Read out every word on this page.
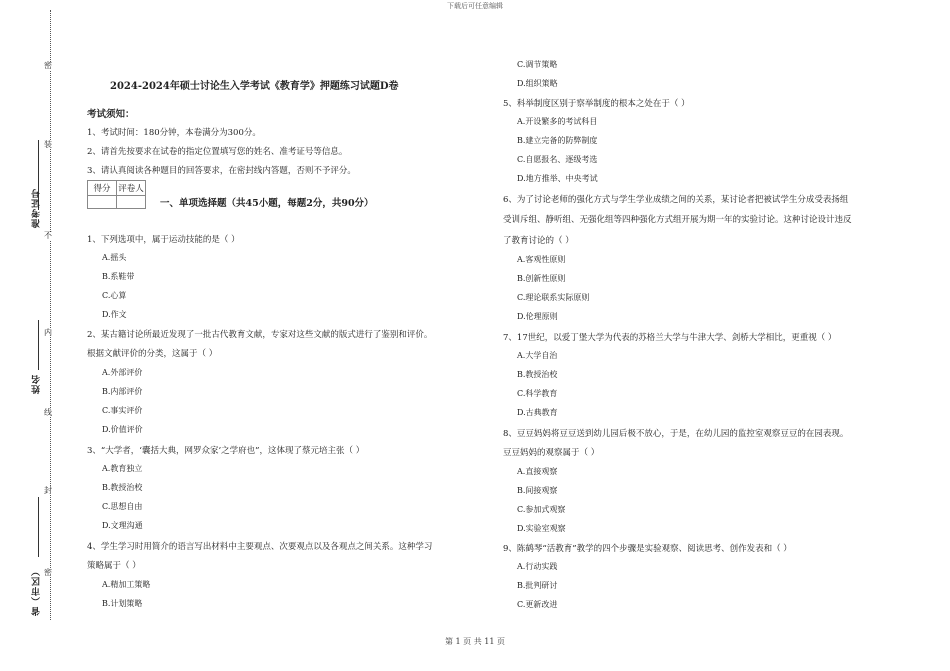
下载后可任意编辑
密
装
不
内
线
封
密
准考证号
姓名
省（市区）
2024-2024年硕士讨论生入学考试《教育学》押题练习试题D卷
考试须知：
1、考试时间：180分钟，本卷满分为300分。
2、请首先按要求在试卷的指定位置填写您的姓名、准考证号等信息。
3、请认真阅读各种题目的回答要求，在密封线内答题，否则不予评分。
得分	评卷人

一、单项选择题（共45小题，每题2分，共90分）
1、下列选项中，属于运动技能的是（ ）
A.摇头
B.系鞋带
C.心算
D.作文
2、某古籍讨论所最近发现了一批古代教育文献，专家对这些文献的版式进行了鉴别和评价。
根据文献评价的分类，这属于（ ）
A.外部评价
B.内部评价
C.事实评价
D.价值评价
3、“大学者，‘囊括大典，网罗众家’之学府也”，这体现了蔡元培主张（ ）
A.教育独立
B.教授治校
C.思想自由
D.文理沟通
4、学生学习时用简介的语言写出材料中主要观点、次要观点以及各观点之间关系。这种学习
策略属于（ ）
A.精加工策略
B.计划策略
C.调节策略
D.组织策略
5、科举制度区别于察举制度的根本之处在于（ ）
A.开设繁多的考试科目
B.建立完备的防弊制度
C.自愿报名、逐级考选
D.地方推举、中央考试
6、为了讨论老师的强化方式与学生学业成绩之间的关系，某讨论者把被试学生分成受表扬组
受训斥组、静听组、无强化组等四种强化方式组开展为期一年的实验讨论。这种讨论设计违反
了教育讨论的（ ）
A.客观性原则
B.创新性原则
C.理论联系实际原则
D.伦理原则
7、17世纪，以爱丁堡大学为代表的苏格兰大学与牛津大学、剑桥大学相比，更重视（ ）
A.大学自治
B.教授治校
C.科学教育
D.古典教育
8、豆豆妈妈将豆豆送到幼儿园后极不放心，于是，在幼儿园的监控室观察豆豆的在园表现。
豆豆妈妈的观察属于（ ）
A.直接观察
B.间接观察
C.参加式观察
D.实验室观察
9、陈鹤琴“活教育”教学的四个步骤是实验观察、阅读思考、创作发表和（ ）
A.行动实践
B.批判研讨
C.更新改进
第 1 页 共 11 页
